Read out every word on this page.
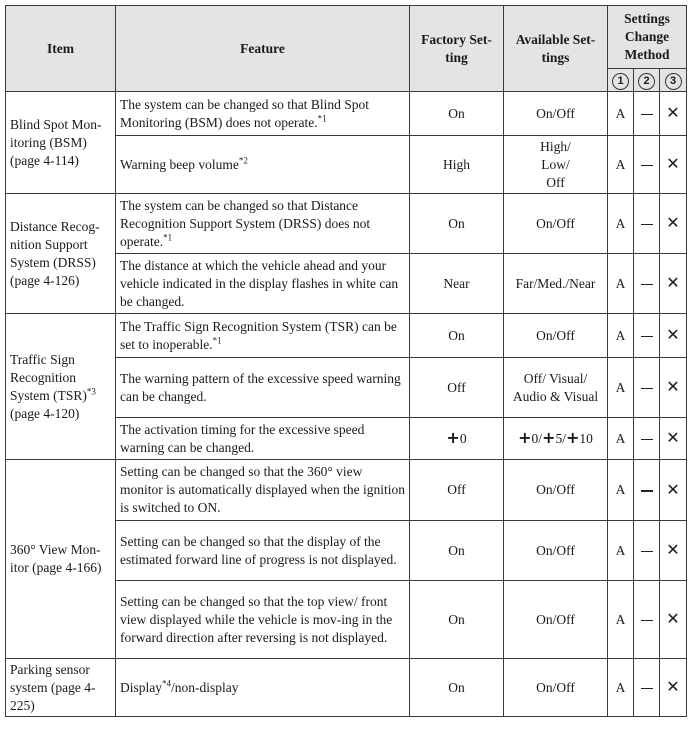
Item	Feature	Factory Set-ting	Available Set-tings	Settings Change Method		
				1	2	3
Blind Spot Mon-itoring (BSM) (page 4-114)	The system can be changed so that Blind Spot Monitoring (BSM) does not operate.$^{*1}$	On	On/Off	A		✕
	Warning beep volume$^{*2}$	High	High/ Low/ Off	A		✕
Distance Recog-nition Support System (DRSS) (page 4-126)	The system can be changed so that Distance Recognition Support System (DRSS) does not operate.$^{*1}$	On	On/Off	A		✕
	The distance at which the vehicle ahead and your vehicle indicated in the display flashes in white can be changed.	Near	Far/Med./Near	A		✕
Traffic Sign Recognition System (TSR)$^{*3}$ (page 4-120)	The Traffic Sign Recognition System (TSR) can be set to inoperable.$^{*1}$	On	On/Off	A		✕
	The warning pattern of the excessive speed warning can be changed.	Off	Off/ Visual/ Audio & Visual	A		✕
	The activation timing for the excessive speed warning can be changed.	+0	+0/+5/+10	A		✕
360° View Mon-itor (page 4-166)	Setting can be changed so that the 360° view monitor is automatically displayed when the ignition is switched to ON.	Off	On/Off	A		✕
	Setting can be changed so that the display of the estimated forward line of progress is not displayed.	On	On/Off	A		✕
	Setting can be changed so that the top view/ front view displayed while the vehicle is mov-ing in the forward direction after reversing is not displayed.	On	On/Off	A		✕
Parking sensor system (page 4-225)	Display$^{*4}$/non-display	On	On/Off	A		✕
